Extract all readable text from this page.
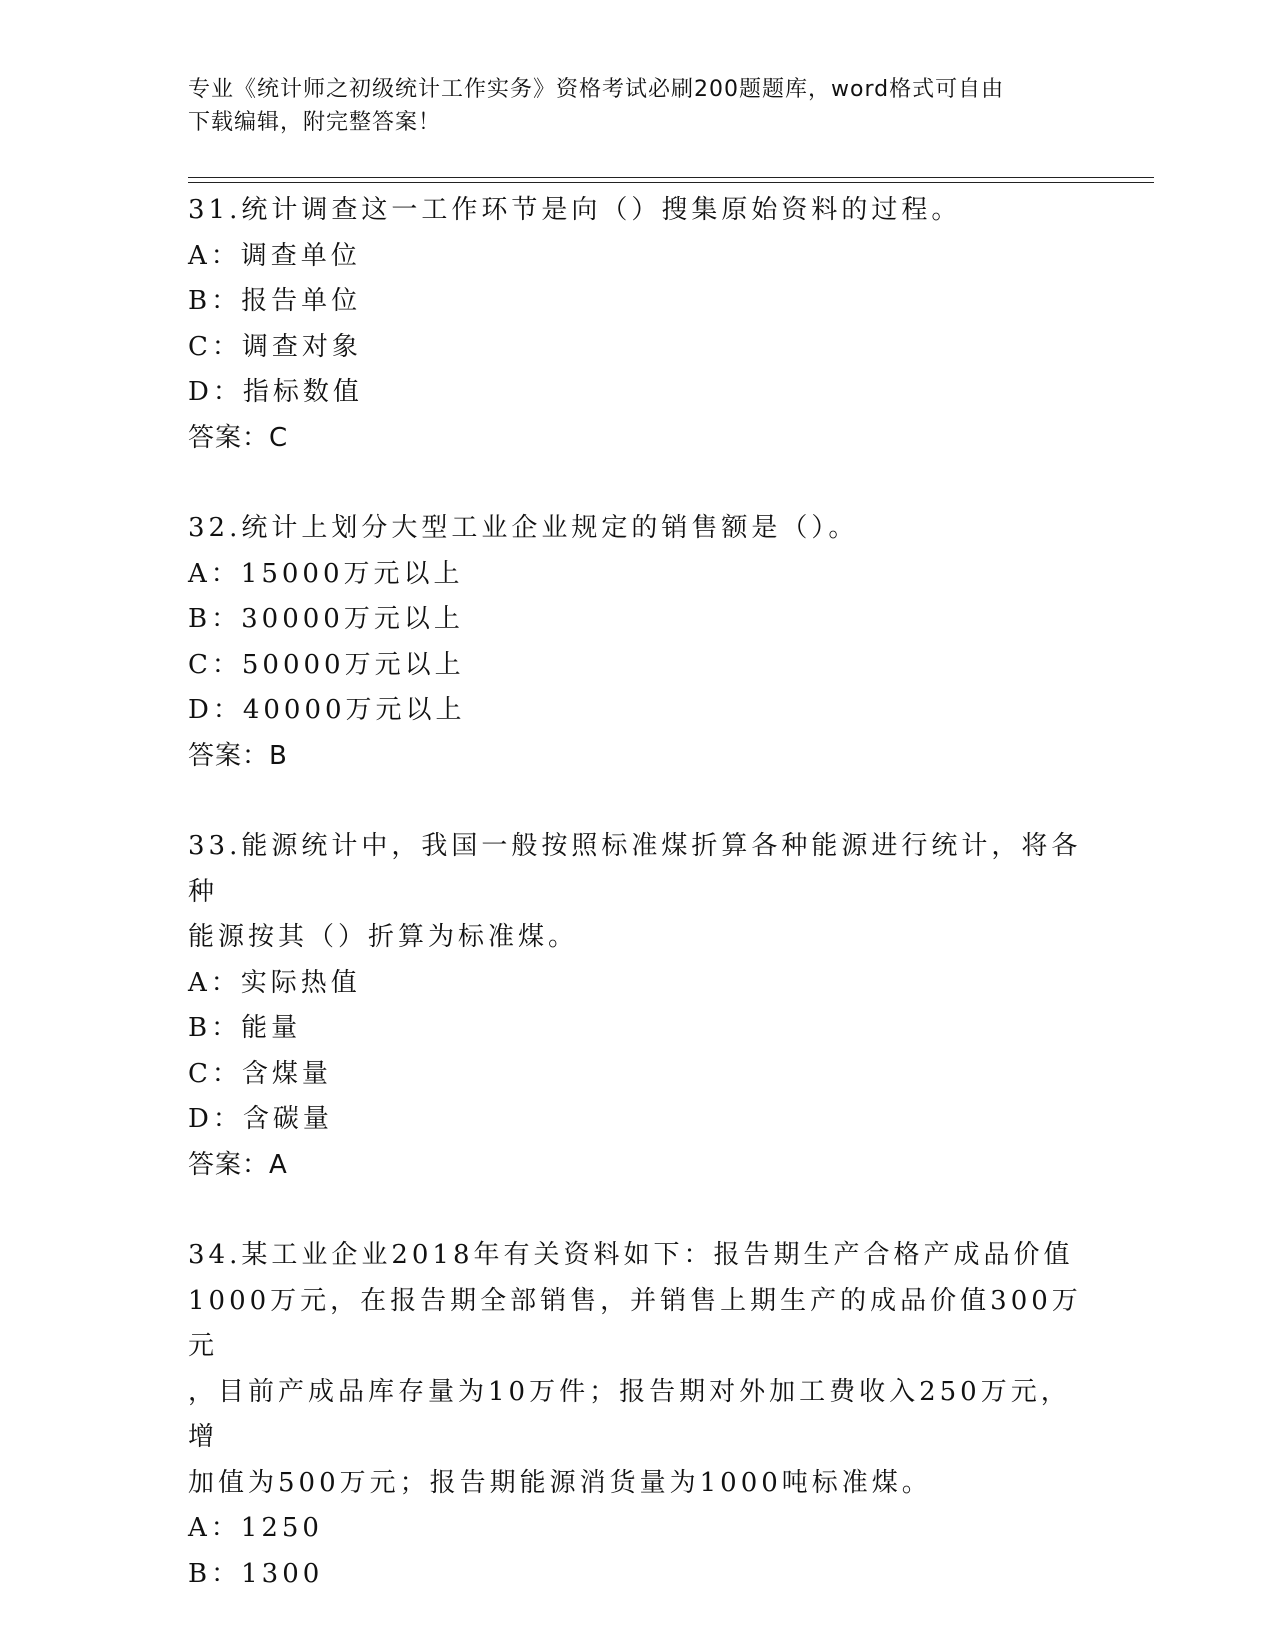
专业《统计师之初级统计工作实务》资格考试必刷200题题库，word格式可自由
下载编辑，附完整答案！
31.统计调查这一工作环节是向（）搜集原始资料的过程。
A：调查单位
B：报告单位
C：调查对象
D：指标数值
答案：C
32.统计上划分大型工业企业规定的销售额是（）。
A：15000万元以上
B：30000万元以上
C：50000万元以上
D：40000万元以上
答案：B
33.能源统计中，我国一般按照标准煤折算各种能源进行统计，将各种
能源按其（）折算为标准煤。
A：实际热值
B：能量
C：含煤量
D：含碳量
答案：A
34.某工业企业2018年有关资料如下：报告期生产合格产成品价值
1000万元，在报告期全部销售，并销售上期生产的成品价值300万元
，目前产成品库存量为10万件；报告期对外加工费收入250万元，增
加值为500万元；报告期能源消货量为1000吨标准煤。
A：1250
B：1300
